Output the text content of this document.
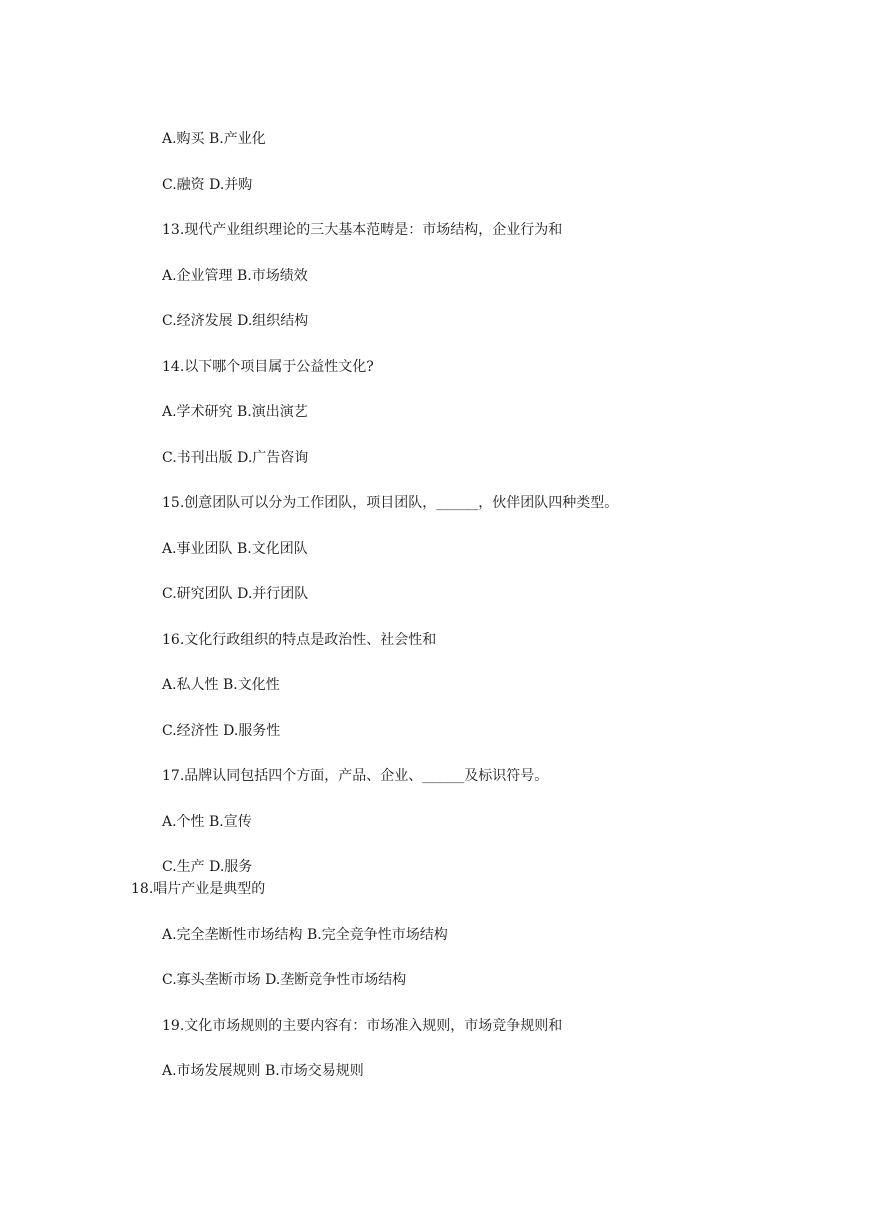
A.购买 B.产业化
C.融资 D.并购
13.现代产业组织理论的三大基本范畴是：市场结构，企业行为和
A.企业管理 B.市场绩效
C.经济发展 D.组织结构
14.以下哪个项目属于公益性文化?
A.学术研究 B.演出演艺
C.书刊出版 D.广告咨询
15.创意团队可以分为工作团队，项目团队，______，伙伴团队四种类型。
A.事业团队 B.文化团队
C.研究团队 D.并行团队
16.文化行政组织的特点是政治性、社会性和
A.私人性 B.文化性
C.经济性 D.服务性
17.品牌认同包括四个方面，产品、企业、______及标识符号。
A.个性 B.宣传
C.生产 D.服务
18.唱片产业是典型的
A.完全垄断性市场结构 B.完全竞争性市场结构
C.寡头垄断市场 D.垄断竞争性市场结构
19.文化市场规则的主要内容有：市场准入规则，市场竞争规则和
A.市场发展规则 B.市场交易规则
